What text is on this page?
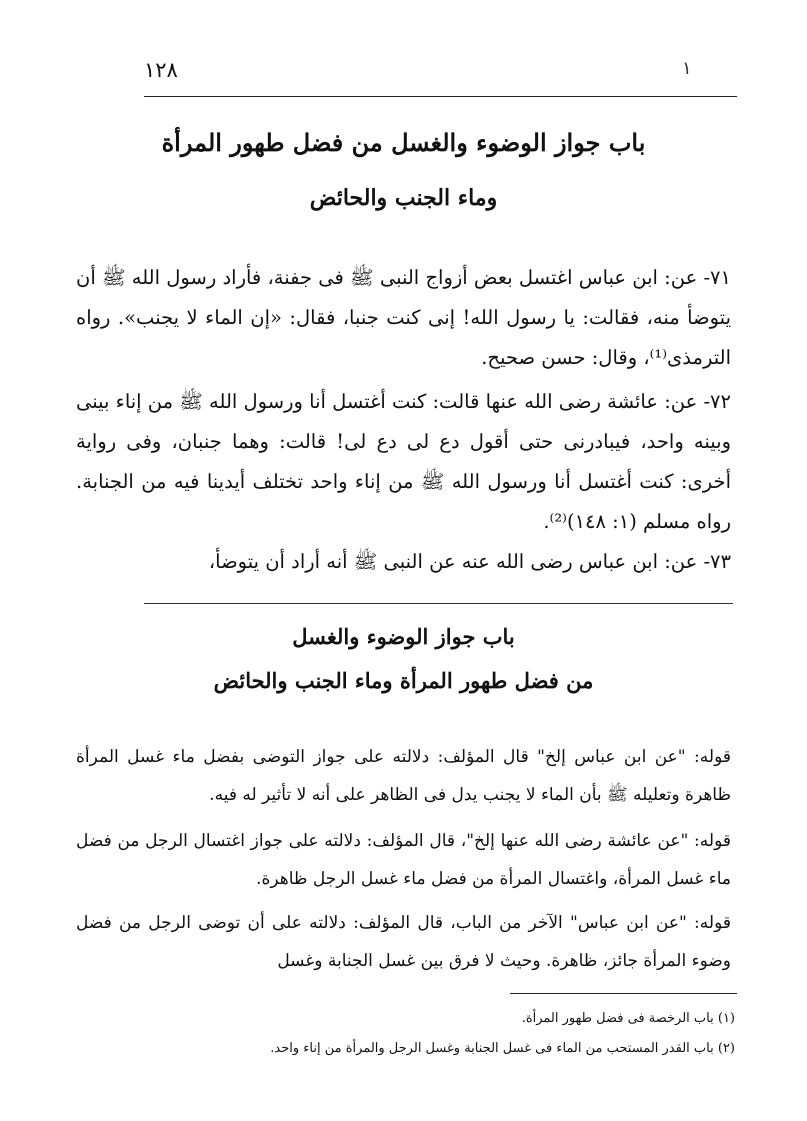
١٢٨	١
باب جواز الوضوء والغسل من فضل طهور المرأة
وماء الجنب والحائض

٧١- عن: ابن عباس اغتسل بعض أزواج النبى ﷺ فى جفنة، فأراد رسول الله ﷺ أن يتوضأ منه، فقالت: يا رسول الله! إنى كنت جنبا، فقال: «إن الماء لا يجنب». رواه الترمذى⁽¹⁾، وقال: حسن صحيح.

٧٢- عن: عائشة رضى الله عنها قالت: كنت أغتسل أنا ورسول الله ﷺ من إناء بينى وبينه واحد، فيبادرنى حتى أقول دع لى دع لى! قالت: وهما جنبان، وفى رواية أخرى: كنت أغتسل أنا ورسول الله ﷺ من إناء واحد تختلف أيدينا فيه من الجنابة. رواه مسلم (١: ١٤٨)⁽²⁾.

٧٣- عن: ابن عباس رضى الله عنه عن النبى ﷺ أنه أراد أن يتوضأ،

باب جواز الوضوء والغسل
من فضل طهور المرأة وماء الجنب والحائض

قوله: "عن ابن عباس إلخ" قال المؤلف: دلالته على جواز التوضى بفضل ماء غسل المرأة ظاهرة وتعليله ﷺ بأن الماء لا يجنب يدل فى الظاهر على أنه لا تأثير له فيه.

قوله: "عن عائشة رضى الله عنها إلخ"، قال المؤلف: دلالته على جواز اغتسال الرجل من فضل ماء غسل المرأة، واغتسال المرأة من فضل ماء غسل الرجل ظاهرة.

قوله: "عن ابن عباس" الآخر من الباب، قال المؤلف: دلالته على أن توضى الرجل من فضل وضوء المرأة جائز، ظاهرة. وحيث لا فرق بين غسل الجنابة وغسل

(١) باب الرخصة فى فضل طهور المرأة.
(٢) باب القدر المستحب من الماء فى غسل الجنابة وغسل الرجل والمرأة من إناء واحد.
